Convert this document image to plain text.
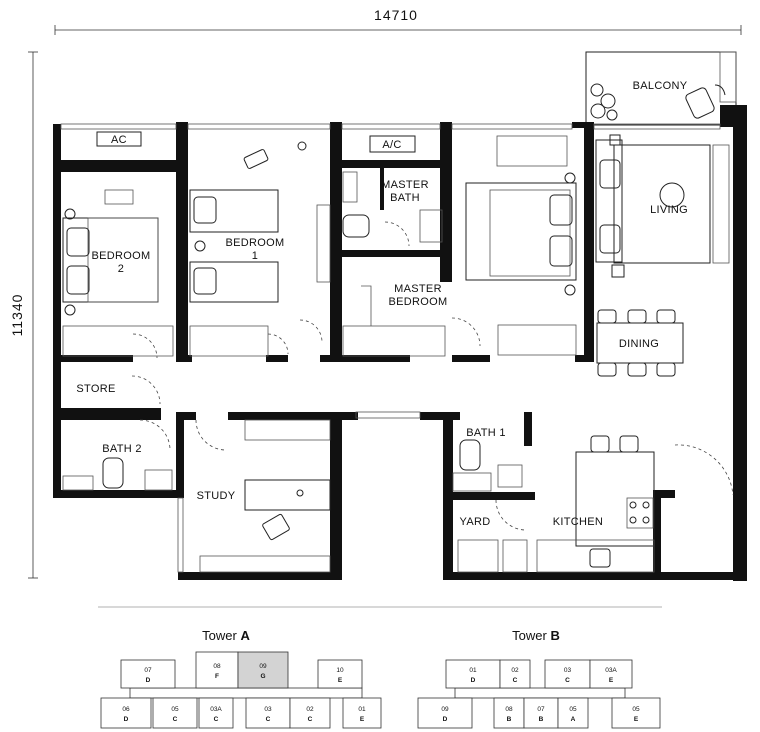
14710
11340
AC
BEDROOM
2
BEDROOM
1
A/C
MASTER
BATH
MASTER
BEDROOM
LIVING
DINING
STORE
BATH 2
STUDY
BATH 1
YARD	KITCHEN
BALCONY
Tower A
07
D
08
F
09
G
10
E
06
D
05
C
03A
C
03
C
02
C
01
E
Tower B
01
D
02
C
03
C
03A
E
09
D
08
B
07
B
05
A
05
E
